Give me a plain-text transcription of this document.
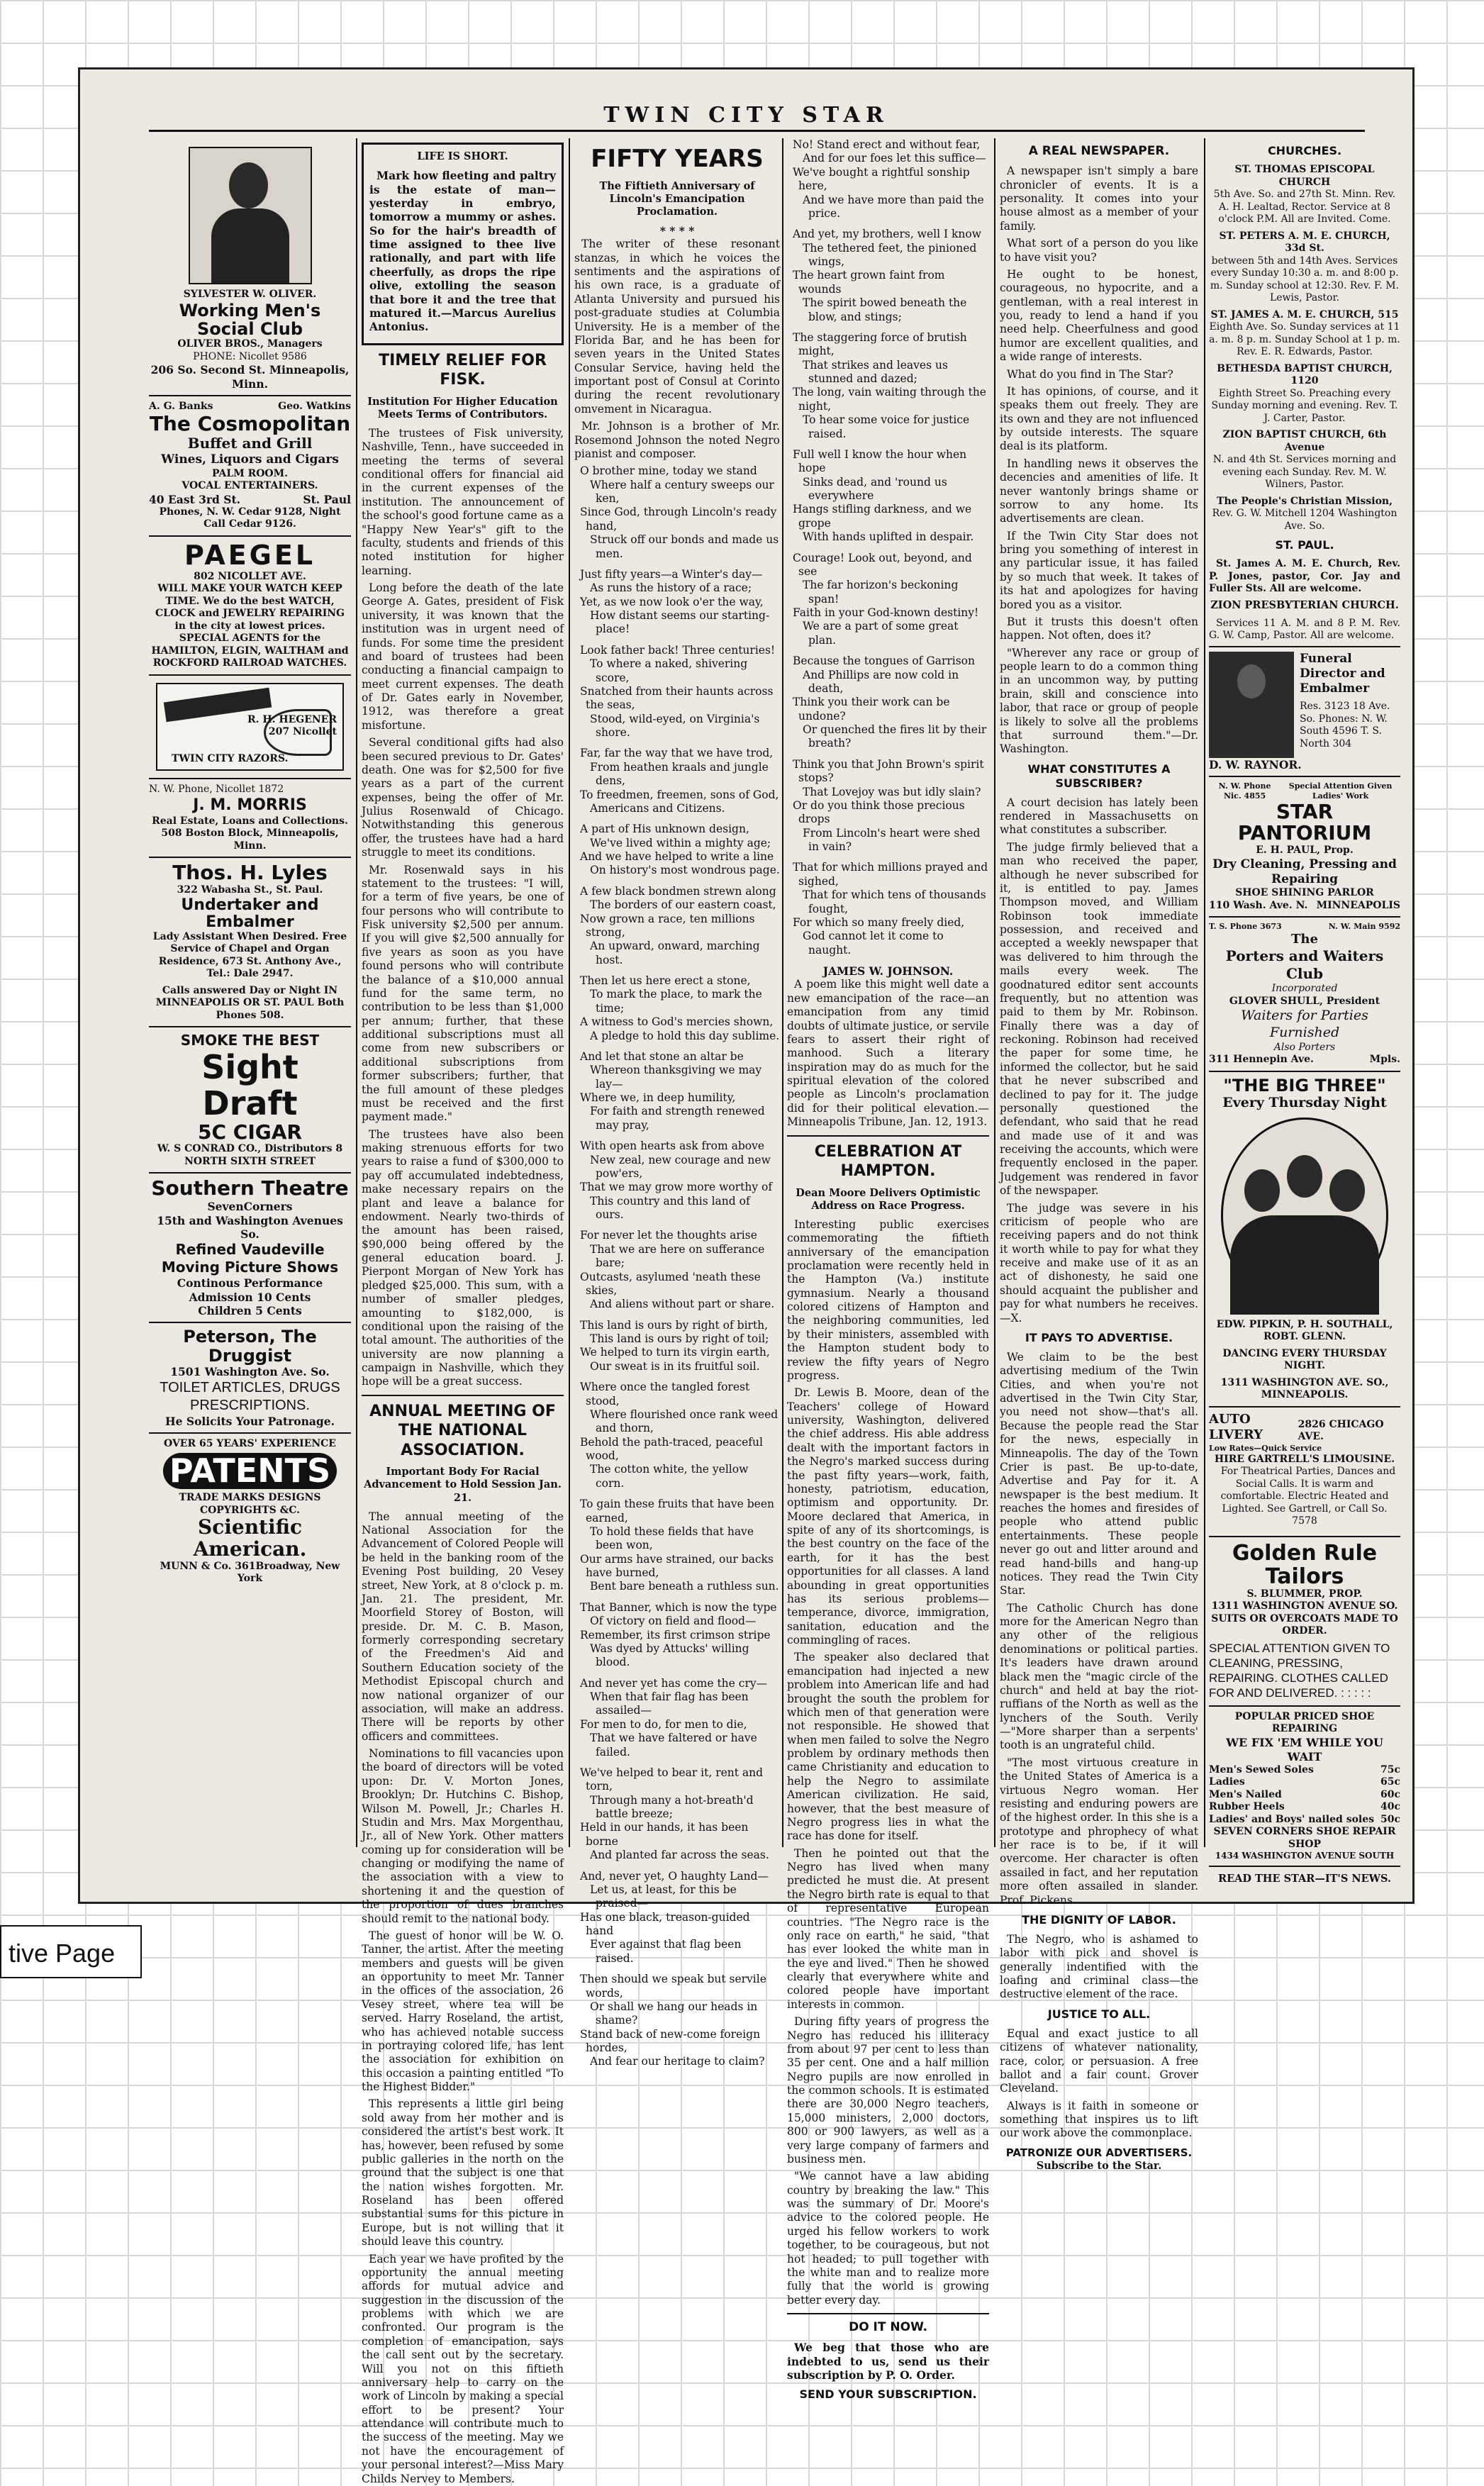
TWIN CITY STAR
SYLVESTER W. OLIVER.
Working Men's Social Club
OLIVER BROS., Managers
PHONE: Nicollet 9586
206 So. Second St. Minneapolis, Minn.
A. G. Banks	Geo. Watkins
The Cosmopolitan
Buffet and Grill
Wines, Liquors and Cigars
PALM ROOM.
VOCAL ENTERTAINERS.
40 East 3rd St.	St. Paul
Phones, N. W. Cedar 9128, Night Call Cedar 9126.
PAEGEL
802 NICOLLET AVE.
WILL MAKE YOUR WATCH KEEP TIME. We do the best WATCH, CLOCK and JEWELRY REPAIRING in the city at lowest prices. SPECIAL AGENTS for the HAMILTON, ELGIN, WALTHAM and ROCKFORD RAILROAD WATCHES.
R. H. HEGENER
207 Nicollet
TWIN CITY RAZORS.
N. W. Phone, Nicollet 1872
J. M. MORRIS
Real Estate, Loans and Collections.
508 Boston Block, Minneapolis, Minn.
Thos. H. Lyles
322 Wabasha St., St. Paul.
Undertaker and Embalmer
Lady Assistant When Desired. Free Service of Chapel and Organ Residence, 673 St. Anthony Ave., Tel.: Dale 2947.
Calls answered Day or Night IN MINNEAPOLIS OR ST. PAUL Both Phones 508.
SMOKE THE BEST
Sight Draft
5C CIGAR
W. S CONRAD CO., Distributors 8 NORTH SIXTH STREET
Southern Theatre
SevenCorners
15th and Washington Avenues So.
Refined Vaudeville
Moving Picture Shows
Continous Performance
Admission 10 Cents
Children 5 Cents
Peterson, The Druggist
1501 Washington Ave. So.
TOILET ARTICLES, DRUGS PRESCRIPTIONS.
He Solicits Your Patronage.
OVER 65 YEARS' EXPERIENCE
PATENTS
TRADE MARKS DESIGNS COPYRIGHTS &C.
Scientific American.
MUNN & Co. 361Broadway, New York
LIFE IS SHORT.

Mark how fleeting and paltry is the estate of man—yesterday in embryo, tomorrow a mummy or ashes. So for the hair's breadth of time assigned to thee live rationally, and part with life cheerfully, as drops the ripe olive, extolling the season that bore it and the tree that matured it.—Marcus Aurelius Antonius.

TIMELY RELIEF FOR FISK.
Institution For Higher Education Meets Terms of Contributors.

The trustees of Fisk university, Nashville, Tenn., have succeeded in meeting the terms of several conditional offers for financial aid in the current expenses of the institution. The announcement of the school's good fortune came as a "Happy New Year's" gift to the faculty, students and friends of this noted institution for higher learning.

Long before the death of the late George A. Gates, president of Fisk university, it was known that the institution was in urgent need of funds. For some time the president and board of trustees had been conducting a financial campaign to meet current expenses. The death of Dr. Gates early in November, 1912, was therefore a great misfortune.

Several conditional gifts had also been secured previous to Dr. Gates' death. One was for $2,500 for five years as a part of the current expenses, being the offer of Mr. Julius Rosenwald of Chicago. Notwithstanding this generous offer, the trustees have had a hard struggle to meet its conditions.

Mr. Rosenwald says in his statement to the trustees: "I will, for a term of five years, be one of four persons who will contribute to Fisk university $2,500 per annum. If you will give $2,500 annually for five years as soon as you have found persons who will contribute the balance of a $10,000 annual fund for the same term, no contribution to be less than $1,000 per annum; further, that these additional subscriptions must all come from new subscribers or additional subscriptions from former subscribers; further, that the full amount of these pledges must be received and the first payment made."

The trustees have also been making strenuous efforts for two years to raise a fund of $300,000 to pay off accumulated indebtedness, make necessary repairs on the plant and leave a balance for endowment. Nearly two-thirds of the amount has been raised, $90,000 being offered by the general education board. J. Pierpont Morgan of New York has pledged $25,000. This sum, with a number of smaller pledges, amounting to $182,000, is conditional upon the raising of the total amount. The authorities of the university are now planning a campaign in Nashville, which they hope will be a great success.

ANNUAL MEETING OF THE NATIONAL ASSOCIATION.
Important Body For Racial Advancement to Hold Session Jan. 21.

The annual meeting of the National Association for the Advancement of Colored People will be held in the banking room of the Evening Post building, 20 Vesey street, New York, at 8 o'clock p. m. Jan. 21. The president, Mr. Moorfield Storey of Boston, will preside. Dr. M. C. B. Mason, formerly corresponding secretary of the Freedmen's Aid and Southern Education society of the Methodist Episcopal church and now national organizer of our association, will make an address. There will be reports by other officers and committees.

Nominations to fill vacancies upon the board of directors will be voted upon: Dr. V. Morton Jones, Brooklyn; Dr. Hutchins C. Bishop, Wilson M. Powell, Jr.; Charles H. Studin and Mrs. Max Morgenthau, Jr., all of New York. Other matters coming up for consideration will be changing or modifying the name of the association with a view to shortening it and the question of the proportion of dues branches should remit to the national body.

The guest of honor will be W. O. Tanner, the artist. After the meeting members and guests will be given an opportunity to meet Mr. Tanner in the offices of the association, 26 Vesey street, where tea will be served. Harry Roseland, the artist, who has achieved notable success in portraying colored life, has lent the association for exhibition on this occasion a painting entitled "To the Highest Bidder."

This represents a little girl being sold away from her mother and is considered the artist's best work. It has, however, been refused by some public galleries in the north on the ground that the subject is one that the nation wishes forgotten. Mr. Roseland has been offered substantial sums for this picture in Europe, but is not willing that it should leave this country.

Each year we have profited by the opportunity the annual meeting affords for mutual advice and suggestion in the discussion of the problems with which we are confronted. Our program is the completion of emancipation, says the call sent out by the secretary. Will you not on this fiftieth anniversary help to carry on the work of Lincoln by making a special effort to be present? Your attendance will contribute much to the success of the meeting. May we not have the encouragement of your personal interest?—Miss Mary Childs Nervey to Members.

FIFTY YEARS
The Fiftieth Anniversary of Lincoln's Emancipation Proclamation.
* * * *

The writer of these resonant stanzas, in which he voices the sentiments and the aspirations of his own race, is a graduate of Atlanta University and pursued his post-graduate studies at Columbia University. He is a member of the Florida Bar, and he has been for seven years in the United States Consular Service, having held the important post of Consul at Corinto during the recent revolutionary omvement in Nicaragua.

Mr. Johnson is a brother of Mr. Rosemond Johnson the noted Negro pianist and composer.

O brother mine, today we stand
Where half a century sweeps our ken,
Since God, through Lincoln's ready hand,
Struck off our bonds and made us men.
Just fifty years—a Winter's day—
As runs the history of a race;
Yet, as we now look o'er the way,
How distant seems our starting-place!
Look father back! Three centuries!
To where a naked, shivering score,
Snatched from their haunts across the seas,
Stood, wild-eyed, on Virginia's shore.
Far, far the way that we have trod,
From heathen kraals and jungle dens,
To freedmen, freemen, sons of God,
Americans and Citizens.
A part of His unknown design,
We've lived within a mighty age;
And we have helped to write a line
On history's most wondrous page.
A few black bondmen strewn along
The borders of our eastern coast,
Now grown a race, ten millions strong,
An upward, onward, marching host.
Then let us here erect a stone,
To mark the place, to mark the time;
A witness to God's mercies shown,
A pledge to hold this day sublime.
And let that stone an altar be
Whereon thanksgiving we may lay—
Where we, in deep humility,
For faith and strength renewed may pray,
With open hearts ask from above
New zeal, new courage and new pow'ers,
That we may grow more worthy of
This country and this land of ours.
For never let the thoughts arise
That we are here on sufferance bare;
Outcasts, asylumed 'neath these skies,
And aliens without part or share.
This land is ours by right of birth,
This land is ours by right of toil;
We helped to turn its virgin earth,
Our sweat is in its fruitful soil.
Where once the tangled forest stood,
Where flourished once rank weed and thorn,
Behold the path-traced, peaceful wood,
The cotton white, the yellow corn.
To gain these fruits that have been earned,
To hold these fields that have been won,
Our arms have strained, our backs have burned,
Bent bare beneath a ruthless sun.
That Banner, which is now the type
Of victory on field and flood—
Remember, its first crimson stripe
Was dyed by Attucks' willing blood.
And never yet has come the cry—
When that fair flag has been assailed—
For men to do, for men to die,
That we have faltered or have failed.
We've helped to bear it, rent and torn,
Through many a hot-breath'd battle breeze;
Held in our hands, it has been borne
And planted far across the seas.
And, never yet, O haughty Land—
Let us, at least, for this be praised—
Has one black, treason-guided hand
Ever against that flag been raised.
Then should we speak but servile words,
Or shall we hang our heads in shame?
Stand back of new-come foreign hordes,
And fear our heritage to claim?
No! Stand erect and without fear,
And for our foes let this suffice—
We've bought a rightful sonship here,
And we have more than paid the price.
And yet, my brothers, well I know
The tethered feet, the pinioned wings,
The heart grown faint from wounds
The spirit bowed beneath the blow, and stings;
The staggering force of brutish might,
That strikes and leaves us stunned and dazed;
The long, vain waiting through the night,
To hear some voice for justice raised.
Full well I know the hour when hope
Sinks dead, and 'round us everywhere
Hangs stifling darkness, and we grope
With hands uplifted in despair.
Courage! Look out, beyond, and see
The far horizon's beckoning span!
Faith in your God-known destiny!
We are a part of some great plan.
Because the tongues of Garrison
And Phillips are now cold in death,
Think you their work can be undone?
Or quenched the fires lit by their breath?
Think you that John Brown's spirit stops?
That Lovejoy was but idly slain?
Or do you think those precious drops
From Lincoln's heart were shed in vain?
That for which millions prayed and sighed,
That for which tens of thousands fought,
For which so many freely died,
God cannot let it come to naught.
JAMES W. JOHNSON.

A poem like this might well date a new emancipation of the race—an emancipation from any timid doubts of ultimate justice, or servile fears to assert their right of manhood. Such a literary inspiration may do as much for the spiritual elevation of the colored people as Lincoln's proclamation did for their political elevation.—Minneapolis Tribune, Jan. 12, 1913.

CELEBRATION AT HAMPTON.
Dean Moore Delivers Optimistic Address on Race Progress.

Interesting public exercises commemorating the fiftieth anniversary of the emancipation proclamation were recently held in the Hampton (Va.) institute gymnasium. Nearly a thousand colored citizens of Hampton and the neighboring communities, led by their ministers, assembled with the Hampton student body to review the fifty years of Negro progress.

Dr. Lewis B. Moore, dean of the Teachers' college of Howard university, Washington, delivered the chief address. His able address dealt with the important factors in the Negro's marked success during the past fifty years—work, faith, honesty, patriotism, education, optimism and opportunity. Dr. Moore declared that America, in spite of any of its shortcomings, is the best country on the face of the earth, for it has the best opportunities for all classes. A land abounding in great opportunities has its serious problems—temperance, divorce, immigration, sanitation, education and the commingling of races.

The speaker also declared that emancipation had injected a new problem into American life and had brought the south the problem for which men of that generation were not responsible. He showed that when men failed to solve the Negro problem by ordinary methods then came Christianity and education to help the Negro to assimilate American civilization. He said, however, that the best measure of Negro progress lies in what the race has done for itself.

Then he pointed out that the Negro has lived when many predicted he must die. At present the Negro birth rate is equal to that of representative European countries. "The Negro race is the only race on earth," he said, "that has ever looked the white man in the eye and lived." Then he showed clearly that everywhere white and colored people have important interests in common.

During fifty years of progress the Negro has reduced his illiteracy from about 97 per cent to less than 35 per cent. One and a half million Negro pupils are now enrolled in the common schools. It is estimated there are 30,000 Negro teachers, 15,000 ministers, 2,000 doctors, 800 or 900 lawyers, as well as a very large company of farmers and business men.

"We cannot have a law abiding country by breaking the law." This was the summary of Dr. Moore's advice to the colored people. He urged his fellow workers to work together, to be courageous, but not hot headed; to pull together with the white man and to realize more fully that the world is growing better every day.

DO IT NOW.

We beg that those who are indebted to us, send us their subscription by P. O. Order.

SEND YOUR SUBSCRIPTION.
A REAL NEWSPAPER.

A newspaper isn't simply a bare chronicler of events. It is a personality. It comes into your house almost as a member of your family.

What sort of a person do you like to have visit you?

He ought to be honest, courageous, no hypocrite, and a gentleman, with a real interest in you, ready to lend a hand if you need help. Cheerfulness and good humor are excellent qualities, and a wide range of interests.

What do you find in The Star?

It has opinions, of course, and it speaks them out freely. They are its own and they are not influenced by outside interests. The square deal is its platform.

In handling news it observes the decencies and amenities of life. It never wantonly brings shame or sorrow to any home. Its advertisements are clean.

If the Twin City Star does not bring you something of interest in any particular issue, it has failed by so much that week. It takes of its hat and apologizes for having bored you as a visitor.

But it trusts this doesn't often happen. Not often, does it?

"Wherever any race or group of people learn to do a common thing in an uncommon way, by putting brain, skill and conscience into labor, that race or group of people is likely to solve all the problems that surround them."—Dr. Washington.

WHAT CONSTITUTES A SUBSCRIBER?

A court decision has lately been rendered in Massachusetts on what constitutes a subscriber.

The judge firmly believed that a man who received the paper, although he never subscribed for it, is entitled to pay. James Thompson moved, and William Robinson took immediate possession, and received and accepted a weekly newspaper that was delivered to him through the mails every week. The goodnatured editor sent accounts frequently, but no attention was paid to them by Mr. Robinson. Finally there was a day of reckoning. Robinson had received the paper for some time, he informed the collector, but he said that he never subscribed and declined to pay for it. The judge personally questioned the defendant, who said that he read and made use of it and was receiving the accounts, which were frequently enclosed in the paper. Judgement was rendered in favor of the newspaper.

The judge was severe in his criticism of people who are receiving papers and do not think it worth while to pay for what they receive and make use of it as an act of dishonesty, he said one should acquaint the publisher and pay for what numbers he receives.—X.

IT PAYS TO ADVERTISE.

We claim to be the best advertising medium of the Twin Cities, and when you're not advertised in the Twin City Star, you need not show—that's all. Because the people read the Star for the news, especially in Minneapolis. The day of the Town Crier is past. Be up-to-date, Advertise and Pay for it. A newspaper is the best medium. It reaches the homes and firesides of people who attend public entertainments. These people never go out and litter around and read hand-bills and hang-up notices. They read the Twin City Star.

The Catholic Church has done more for the American Negro than any other of the religious denominations or political parties. It's leaders have drawn around black men the "magic circle of the church" and held at bay the riot-ruffians of the North as well as the lynchers of the South. Verily—"More sharper than a serpents' tooth is an ungrateful child.

"The most virtuous creature in the United States of America is a virtuous Negro woman. Her resisting and enduring powers are of the highest order. In this she is a prototype and phrophecy of what her race is to be, if it will overcome. Her character is often assailed in fact, and her reputation more often assailed in slander. Prof. Pickens.

THE DIGNITY OF LABOR.

The Negro, who is ashamed to labor with pick and shovel is generally indentified with the loafing and criminal class—the destructive element of the race.

JUSTICE TO ALL.

Equal and exact justice to all citizens of whatever nationality, race, color, or persuasion. A free ballot and a fair count. Grover Cleveland.

Always is it faith in someone or something that inspires us to lift our work above the commonplace.

PATRONIZE OUR ADVERTISERS.
Subscribe to the Star.
CHURCHES.
ST. THOMAS EPISCOPAL CHURCH
5th Ave. So. and 27th St. Minn. Rev. A. H. Lealtad, Rector. Service at 8 o'clock P.M. All are Invited. Come.
ST. PETERS A. M. E. CHURCH, 33d St.
between 5th and 14th Aves. Services every Sunday 10:30 a. m. and 8:00 p. m. Sunday school at 12:30. Rev. F. M. Lewis, Pastor.
ST. JAMES A. M. E. CHURCH, 515
Eighth Ave. So. Sunday services at 11 a. m. 8 p. m. Sunday School at 1 p. m. Rev. E. R. Edwards, Pastor.
BETHESDA BAPTIST CHURCH, 1120
Eighth Street So. Preaching every Sunday morning and evening. Rev. T. J. Carter, Pastor.
ZION BAPTIST CHURCH, 6th Avenue
N. and 4th St. Services morning and evening each Sunday. Rev. M. W. Wilners, Pastor.
The People's Christian Mission,
Rev. G. W. Mitchell 1204 Washington Ave. So.
ST. PAUL.

St. James A. M. E. Church, Rev. P. Jones, pastor, Cor. Jay and Fuller Sts. All are welcome.

ZION PRESBYTERIAN CHURCH.

Services 11 A. M. and 8 P. M. Rev. G. W. Camp, Pastor. All are welcome.

Funeral Director and Embalmer
Res. 3123 18 Ave. So. Phones: N. W. South 4596 T. S. North 304
D. W. RAYNOR.
N. W. Phone Nic. 4855
Special Attention Given Ladies' Work
STAR PANTORIUM
E. H. PAUL, Prop.
Dry Cleaning, Pressing and Repairing
SHOE SHINING PARLOR
110 Wash. Ave. N. MINNEAPOLIS
T. S. Phone 3673	N. W. Main 9592
The
Porters and Waiters Club
Incorporated
GLOVER SHULL, President
Waiters for Parties Furnished
Also Porters
311 Hennepin Ave.	Mpls.
"THE BIG THREE"
Every Thursday Night
EDW. PIPKIN, P. H. SOUTHALL, ROBT. GLENN.
DANCING EVERY THURSDAY NIGHT.
1311 WASHINGTON AVE. SO., MINNEAPOLIS.
AUTO LIVERY
2826 CHICAGO AVE.
Low Rates—Quick Service
HIRE GARTRELL'S LIMOUSINE.

For Theatrical Parties, Dances and Social Calls. It is warm and comfortable. Electric Heated and Lighted. See Gartrell, or Call So. 7578

Golden Rule Tailors
S. BLUMMER, PROP.
1311 WASHINGTON AVENUE SO.
SUITS OR OVERCOATS MADE TO ORDER.
SPECIAL ATTENTION GIVEN TO CLEANING, PRESSING, REPAIRING. CLOTHES CALLED FOR AND DELIVERED. : : : : :
POPULAR PRICED SHOE REPAIRING
WE FIX 'EM WHILE YOU WAIT
Men's Sewed Soles	75c
Ladies	65c
Men's Nailed	60c
Rubber Heels	40c
Ladies' and Boys' nailed soles 50c
SEVEN CORNERS SHOE REPAIR SHOP
1434 WASHINGTON AVENUE SOUTH
READ THE STAR—IT'S NEWS.
tive Page
